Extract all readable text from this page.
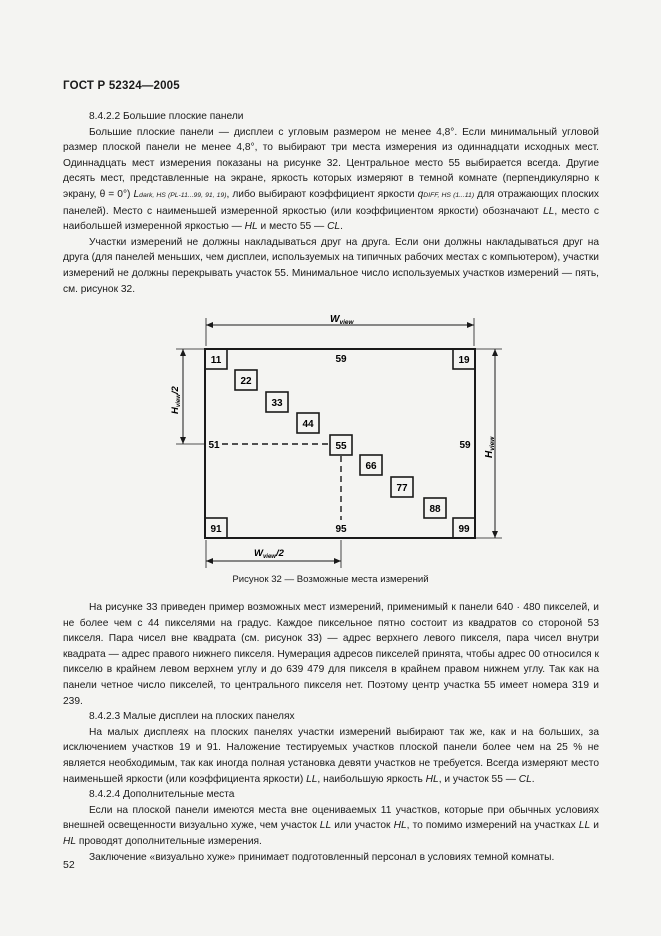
ГОСТ Р 52324—2005

8.4.2.2 Большие плоские панели

Большие плоские панели — дисплеи с угловым размером не менее 4,8°. Если минимальный угловой размер плоской панели не менее 4,8°, то выбирают три места измерения из одиннадцати исходных мест. Одиннадцать мест измерения показаны на рисунке 32. Центральное место 55 выбирается всегда. Другие десять мест, представленные на экране, яркость которых измеряют в темной комнате (перпендикулярно к экрану, θ = 0°) Ldark, HS (PL-11...99, 91, 19), либо выбирают коэффициент яркости qDIFF, HS (1...11) для отражающих плоских панелей). Место с наименьшей измеренной яркостью (или коэффициентом яркости) обозначают LL, место с наибольшей измеренной яркостью — HL и место 55 — CL.

Участки измерений не должны накладываться друг на друга. Если они должны накладываться друг на друга (для панелей меньших, чем дисплеи, используемых на типичных рабочих местах с компьютером), участки измерений не должны перекрывать участок 55. Минимальное число используемых участков измерений — пять, см. рисунок 32.

$W_{view}$
$H_{view}$
$H_{view}/2$
$W_{view}/2$
11	19
22
33
44
55
66
77
88
91	99
59
51	59
95
Рисунок 32 — Возможные места измерений

На рисунке 33 приведен пример возможных мест измерений, применимый к панели 640 · 480 пикселей, и не более чем с 44 пикселями на градус. Каждое пиксельное пятно состоит из квадратов со стороной 53 пикселя. Пара чисел вне квадрата (см. рисунок 33) — адрес верхнего левого пикселя, пара чисел внутри квадрата — адрес правого нижнего пикселя. Нумерация адресов пикселей принята, чтобы адрес 00 относился к пикселю в крайнем левом верхнем углу и до 639 479 для пикселя в крайнем правом нижнем углу. Так как на панели четное число пикселей, то центрального пикселя нет. Поэтому центр участка 55 имеет номера 319 и 239.

8.4.2.3 Малые дисплеи на плоских панелях

На малых дисплеях на плоских панелях участки измерений выбирают так же, как и на больших, за исключением участков 19 и 91. Наложение тестируемых участков плоской панели более чем на 25 % не является необходимым, так как иногда полная установка девяти участков не требуется. Всегда измеряют место наименьшей яркости (или коэффициента яркости) LL, наибольшую яркость HL, и участок 55 — CL.

8.4.2.4 Дополнительные места

Если на плоской панели имеются места вне оцениваемых 11 участков, которые при обычных условиях внешней освещенности визуально хуже, чем участок LL или участок HL, то помимо измерений на участках LL и HL проводят дополнительные измерения.

Заключение «визуально хуже» принимает подготовленный персонал в условиях темной комнаты.

52
